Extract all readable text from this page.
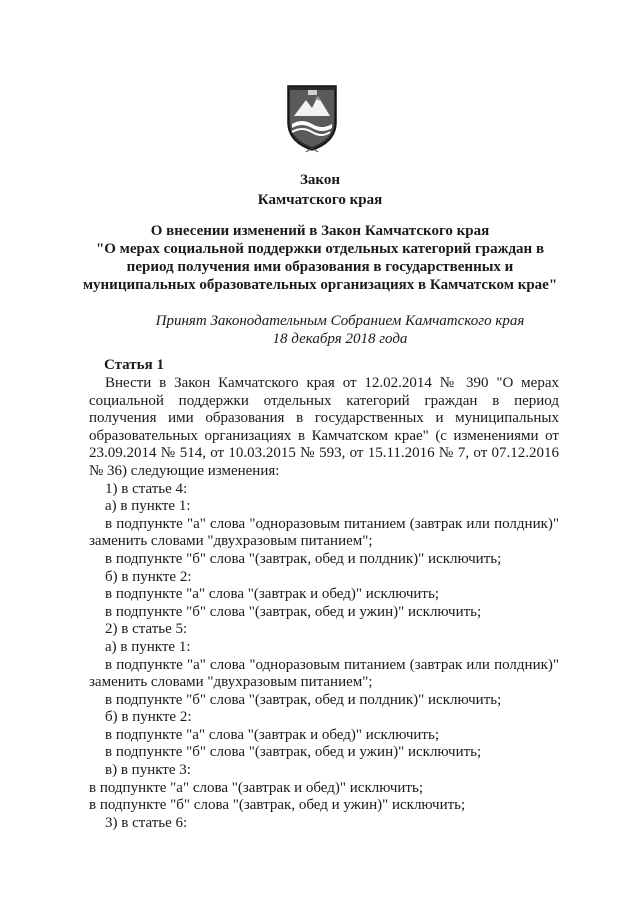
Закон
Камчатского края
О внесении изменений в Закон Камчатского края
"О мерах социальной поддержки отдельных категорий граждан в
период получения ими образования в государственных и
муниципальных образовательных организациях в Камчатском крае"
Принят Законодательным Собранием Камчатского края
18 декабря 2018 года
Статья 1

Внести в Закон Камчатского края от 12.02.2014 № 390 "О мерах социальной поддержки отдельных категорий граждан в период получения ими образования в государственных и муниципальных образовательных организациях в Камчатском крае" (с изменениями от 23.09.2014 № 514, от 10.03.2015 № 593, от 15.11.2016 № 7, от 07.12.2016 № 36) следующие изменения:

1) в статье 4:

а) в пункте 1:

в подпункте "а" слова "одноразовым питанием (завтрак или полдник)" заменить словами "двухразовым питанием";

в подпункте "б" слова "(завтрак, обед и полдник)" исключить;

б) в пункте 2:

в подпункте "а" слова "(завтрак и обед)" исключить;

в подпункте "б" слова "(завтрак, обед и ужин)" исключить;

2) в статье 5:

а) в пункте 1:

в подпункте "а" слова "одноразовым питанием (завтрак или полдник)" заменить словами "двухразовым питанием";

в подпункте "б" слова "(завтрак, обед и полдник)" исключить;

б) в пункте 2:

в подпункте "а" слова "(завтрак и обед)" исключить;

в подпункте "б" слова "(завтрак, обед и ужин)" исключить;

в) в пункте 3:

в подпункте "а" слова "(завтрак и обед)" исключить;

в подпункте "б" слова "(завтрак, обед и ужин)" исключить;

3) в статье 6:
